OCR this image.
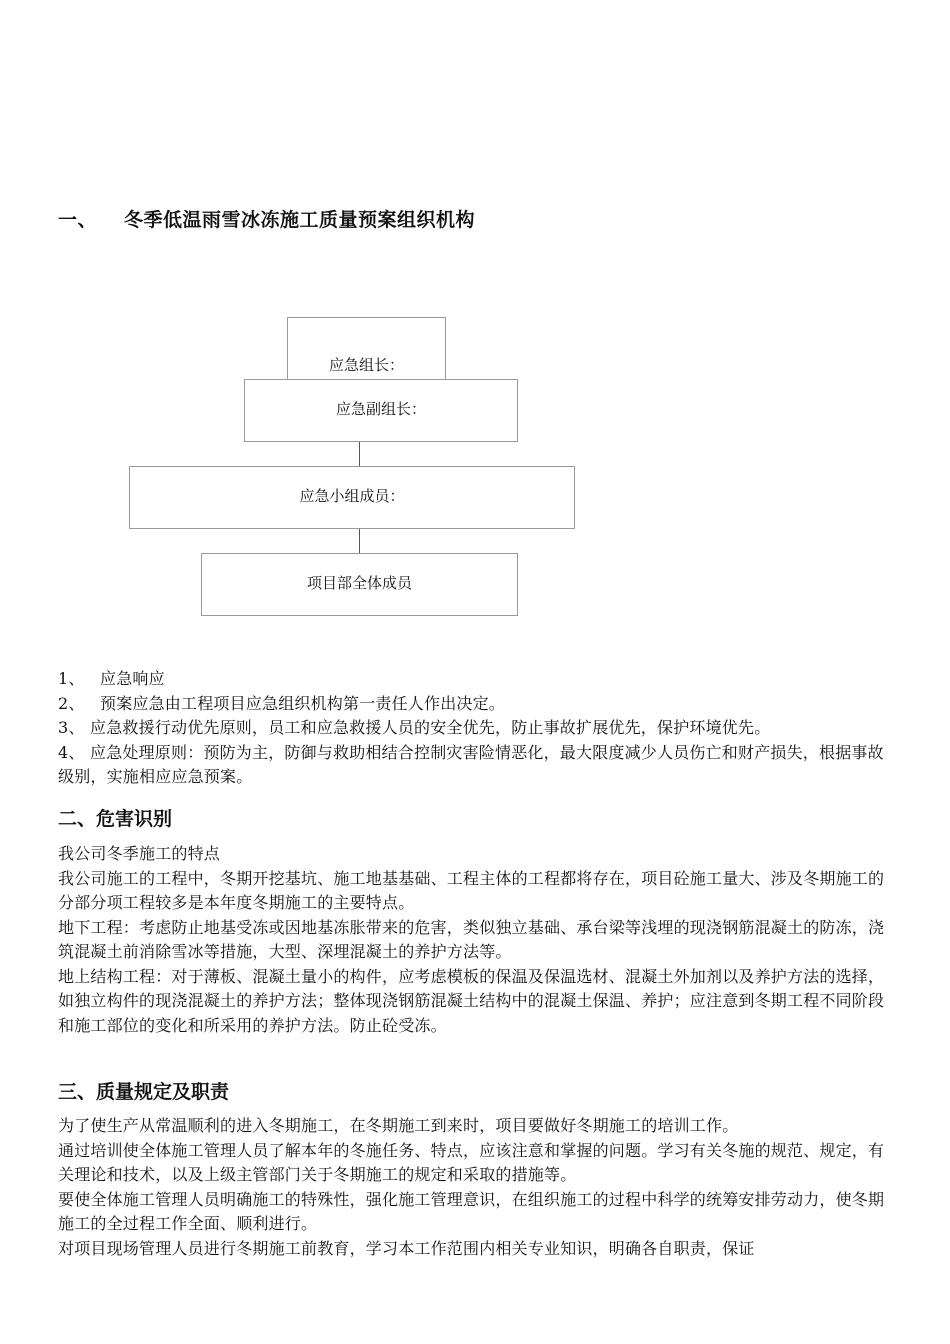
一、 冬季低温雨雪冰冻施工质量预案组织机构
应急组长：
应急副组长：
应急小组成员：
项目部全体成员

1、 应急响应

2、 预案应急由工程项目应急组织机构第一责任人作出决定。

3、 应急救援行动优先原则，员工和应急救援人员的安全优先，防止事故扩展优先，保护环境优先。

4、 应急处理原则：预防为主，防御与救助相结合控制灾害险情恶化，最大限度减少人员伤亡和财产损失，根据事故级别，实施相应应急预案。

二、危害识别

我公司冬季施工的特点

我公司施工的工程中，冬期开挖基坑、施工地基基础、工程主体的工程都将存在，项目砼施工量大、涉及冬期施工的分部分项工程较多是本年度冬期施工的主要特点。

地下工程：考虑防止地基受冻或因地基冻胀带来的危害，类似独立基础、承台梁等浅埋的现浇钢筋混凝土的防冻，浇筑混凝土前消除雪冰等措施，大型、深埋混凝土的养护方法等。

地上结构工程：对于薄板、混凝土量小的构件，应考虑模板的保温及保温选材、混凝土外加剂以及养护方法的选择，如独立构件的现浇混凝土的养护方法；整体现浇钢筋混凝土结构中的混凝土保温、养护；应注意到冬期工程不同阶段和施工部位的变化和所采用的养护方法。防止砼受冻。

三、质量规定及职责

为了使生产从常温顺利的进入冬期施工，在冬期施工到来时，项目要做好冬期施工的培训工作。

通过培训使全体施工管理人员了解本年的冬施任务、特点，应该注意和掌握的问题。学习有关冬施的规范、规定，有关理论和技术，以及上级主管部门关于冬期施工的规定和采取的措施等。

要使全体施工管理人员明确施工的特殊性，强化施工管理意识，在组织施工的过程中科学的统筹安排劳动力，使冬期施工的全过程工作全面、顺利进行。

对项目现场管理人员进行冬期施工前教育，学习本工作范围内相关专业知识，明确各自职责，保证
